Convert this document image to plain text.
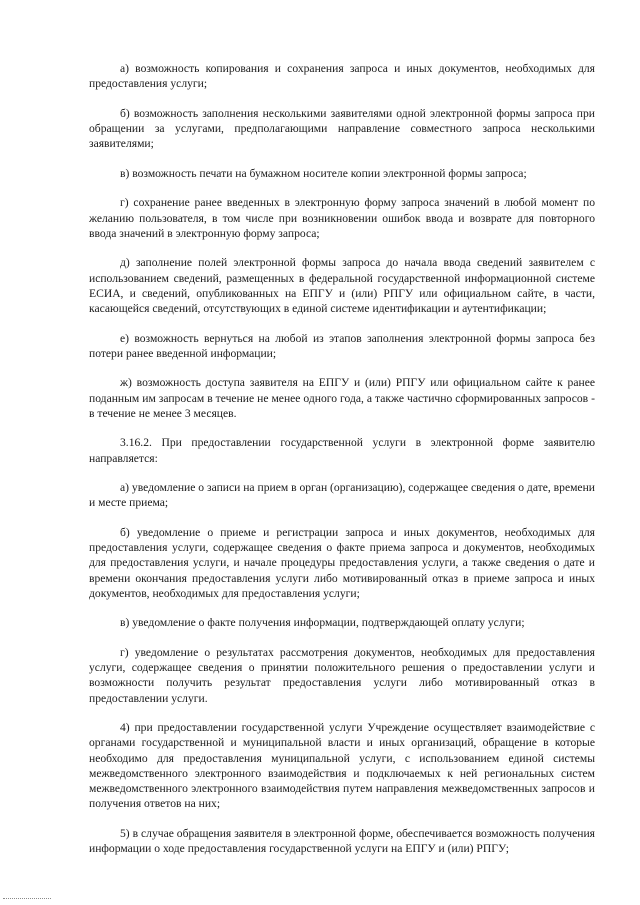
а) возможность копирования и сохранения запроса и иных документов, необходимых для предоставления услуги;

б) возможность заполнения несколькими заявителями одной электронной формы запроса при обращении за услугами, предполагающими направление совместного запроса несколькими заявителями;

в) возможность печати на бумажном носителе копии электронной формы запроса;

г) сохранение ранее введенных в электронную форму запроса значений в любой момент по желанию пользователя, в том числе при возникновении ошибок ввода и возврате для повторного ввода значений в электронную форму запроса;

д) заполнение полей электронной формы запроса до начала ввода сведений заявителем с использованием сведений, размещенных в федеральной государственной информационной системе ЕСИА, и сведений, опубликованных на ЕПГУ и (или) РПГУ или официальном сайте, в части, касающейся сведений, отсутствующих в единой системе идентификации и аутентификации;

е) возможность вернуться на любой из этапов заполнения электронной формы запроса без потери ранее введенной информации;

ж) возможность доступа заявителя на ЕПГУ и (или) РПГУ или официальном сайте к ранее поданным им запросам в течение не менее одного года, а также частично сформированных запросов - в течение не менее 3 месяцев.

3.16.2. При предоставлении государственной услуги в электронной форме заявителю направляется:

а) уведомление о записи на прием в орган (организацию), содержащее сведения о дате, времени и месте приема;

б) уведомление о приеме и регистрации запроса и иных документов, необходимых для предоставления услуги, содержащее сведения о факте приема запроса и документов, необходимых для предоставления услуги, и начале процедуры предоставления услуги, а также сведения о дате и времени окончания предоставления услуги либо мотивированный отказ в приеме запроса и иных документов, необходимых для предоставления услуги;

в) уведомление о факте получения информации, подтверждающей оплату услуги;

г) уведомление о результатах рассмотрения документов, необходимых для предоставления услуги, содержащее сведения о принятии положительного решения о предоставлении услуги и возможности получить результат предоставления услуги либо мотивированный отказ в предоставлении услуги.

4) при предоставлении государственной услуги Учреждение осуществляет взаимодействие с органами государственной и муниципальной власти и иных организаций, обращение в которые необходимо для предоставления муниципальной услуги, с использованием единой системы межведомственного электронного взаимодействия и подключаемых к ней региональных систем межведомственного электронного взаимодействия путем направления межведомственных запросов и получения ответов на них;

5) в случае обращения заявителя в электронной форме, обеспечивается возможность получения информации о ходе предоставления государственной услуги на ЕПГУ и (или) РПГУ;
